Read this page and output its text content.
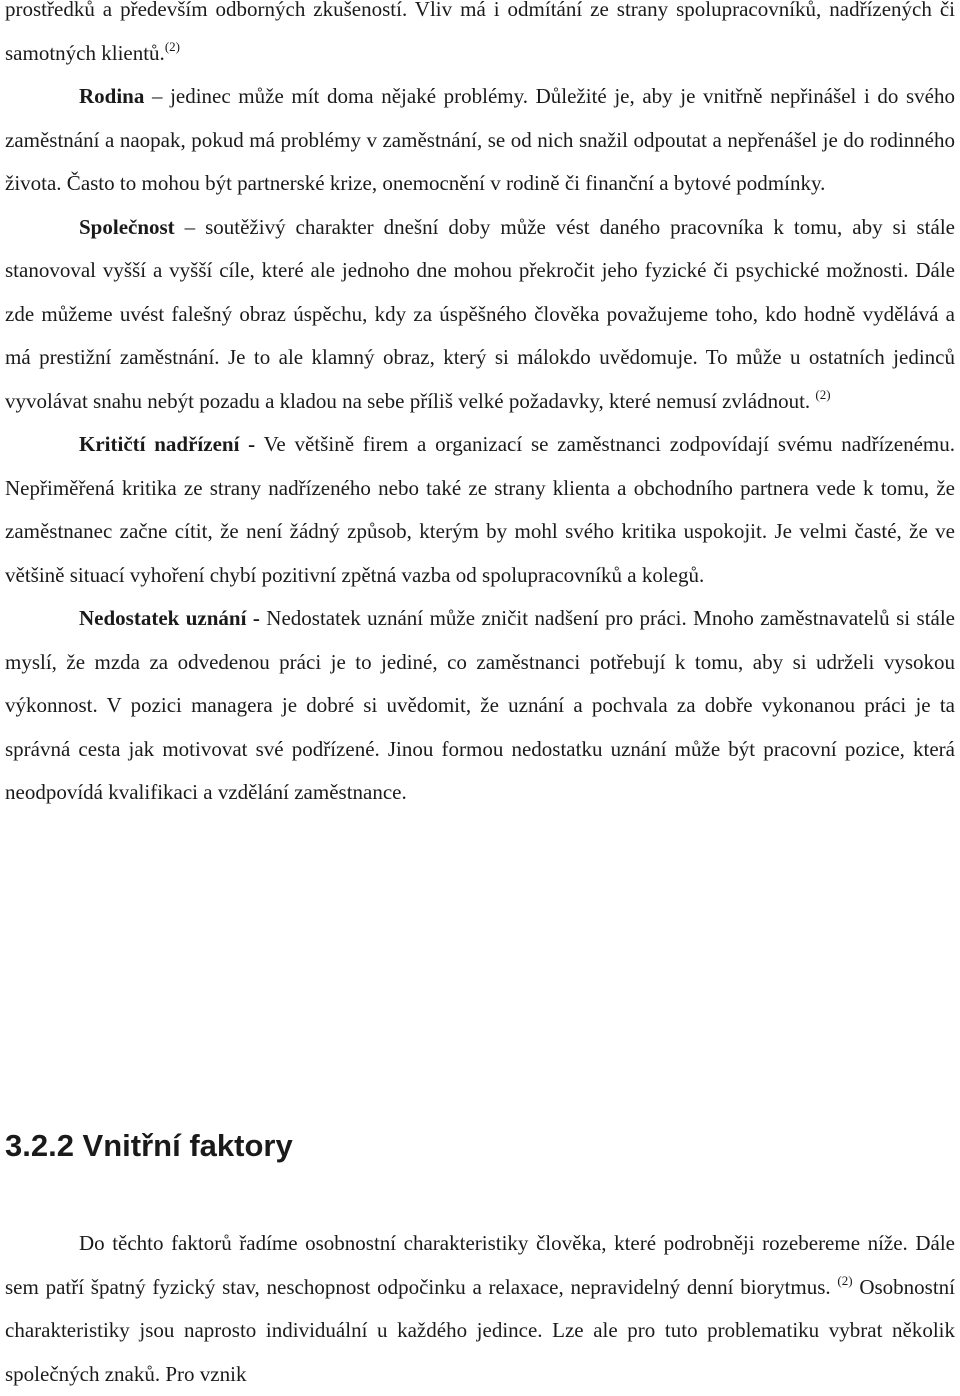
prostředků a především odborných zkušeností. Vliv má i odmítání ze strany spolupracovníků, nadřízených či samotných klientů.$^{(2)}$

Rodina – jedinec může mít doma nějaké problémy. Důležité je, aby je vnitřně nepřinášel i do svého zaměstnání a naopak, pokud má problémy v zaměstnání, se od nich snažil odpoutat a nepřenášel je do rodinného života. Často to mohou být partnerské krize, onemocnění v rodině či finanční a bytové podmínky.

Společnost – soutěživý charakter dnešní doby může vést daného pracovníka k tomu, aby si stále stanovoval vyšší a vyšší cíle, které ale jednoho dne mohou překročit jeho fyzické či psychické možnosti. Dále zde můžeme uvést falešný obraz úspěchu, kdy za úspěšného člověka považujeme toho, kdo hodně vydělává a má prestižní zaměstnání. Je to ale klamný obraz, který si málokdo uvědomuje. To může u ostatních jedinců vyvolávat snahu nebýt pozadu a kladou na sebe příliš velké požadavky, které nemusí zvládnout. $^{(2)}$

Kritičtí nadřízení - Ve většině firem a organizací se zaměstnanci zodpovídají svému nadřízenému. Nepřiměřená kritika ze strany nadřízeného nebo také ze strany klienta a obchodního partnera vede k tomu, že zaměstnanec začne cítit, že není žádný způsob, kterým by mohl svého kritika uspokojit. Je velmi časté, že ve většině situací vyhoření chybí pozitivní zpětná vazba od spolupracovníků a kolegů.

Nedostatek uznání - Nedostatek uznání může zničit nadšení pro práci. Mnoho zaměstnavatelů si stále myslí, že mzda za odvedenou práci je to jediné, co zaměstnanci potřebují k tomu, aby si udrželi vysokou výkonnost. V pozici managera je dobré si uvědomit, že uznání a pochvala za dobře vykonanou práci je ta správná cesta jak motivovat své podřízené. Jinou formou nedostatku uznání může být pracovní pozice, která neodpovídá kvalifikaci a vzdělání zaměstnance.

3.2.2 Vnitřní faktory

Do těchto faktorů řadíme osobnostní charakteristiky člověka, které podrobněji rozebereme níže. Dále sem patří špatný fyzický stav, neschopnost odpočinku a relaxace, nepravidelný denní biorytmus. $^{(2)}$ Osobnostní charakteristiky jsou naprosto individuální u každého jedince. Lze ale pro tuto problematiku vybrat několik společných znaků. Pro vznik
